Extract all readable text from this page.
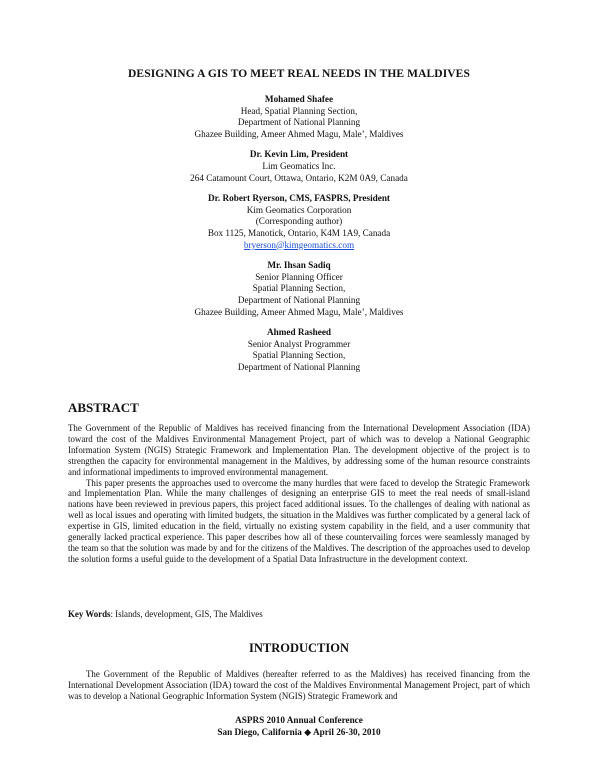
DESIGNING A GIS TO MEET REAL NEEDS IN THE MALDIVES
Mohamed Shafee
Head, Spatial Planning Section,
Department of National Planning
Ghazee Building, Ameer Ahmed Magu, Male’, Maldives
Dr. Kevin Lim, President
Lim Geomatics Inc.
264 Catamount Court, Ottawa, Ontario, K2M 0A9, Canada
Dr. Robert Ryerson, CMS, FASPRS, President
Kim Geomatics Corporation
(Corresponding author)
Box 1125, Manotick, Ontario, K4M 1A9, Canada
bryerson@kimgeomatics.com
Mr. Ihsan Sadiq
Senior Planning Officer
Spatial Planning Section,
Department of National Planning
Ghazee Building, Ameer Ahmed Magu, Male’, Maldives
Ahmed Rasheed
Senior Analyst Programmer
Spatial Planning Section,
Department of National Planning
ABSTRACT

The Government of the Republic of Maldives has received financing from the International Development Association (IDA) toward the cost of the Maldives Environmental Management Project, part of which was to develop a National Geographic Information System (NGIS) Strategic Framework and Implementation Plan. The development objective of the project is to strengthen the capacity for environmental management in the Maldives, by addressing some of the human resource constraints and informational impediments to improved environmental management.

This paper presents the approaches used to overcome the many hurdles that were faced to develop the Strategic Framework and Implementation Plan. While the many challenges of designing an enterprise GIS to meet the real needs of small-island nations have been reviewed in previous papers, this project faced additional issues. To the challenges of dealing with national as well as local issues and operating with limited budgets, the situation in the Maldives was further complicated by a general lack of expertise in GIS, limited education in the field, virtually no existing system capability in the field, and a user community that generally lacked practical experience. This paper describes how all of these countervailing forces were seamlessly managed by the team so that the solution was made by and for the citizens of the Maldives. The description of the approaches used to develop the solution forms a useful guide to the development of a Spatial Data Infrastructure in the development context.

Key Words: Islands, development, GIS, The Maldives
INTRODUCTION
The Government of the Republic of Maldives (hereafter referred to as the Maldives) has received financing from the International Development Association (IDA) toward the cost of the Maldives Environmental Management Project, part of which was to develop a National Geographic Information System (NGIS) Strategic Framework and
ASPRS 2010 Annual Conference
San Diego, California ◆ April 26-30, 2010
